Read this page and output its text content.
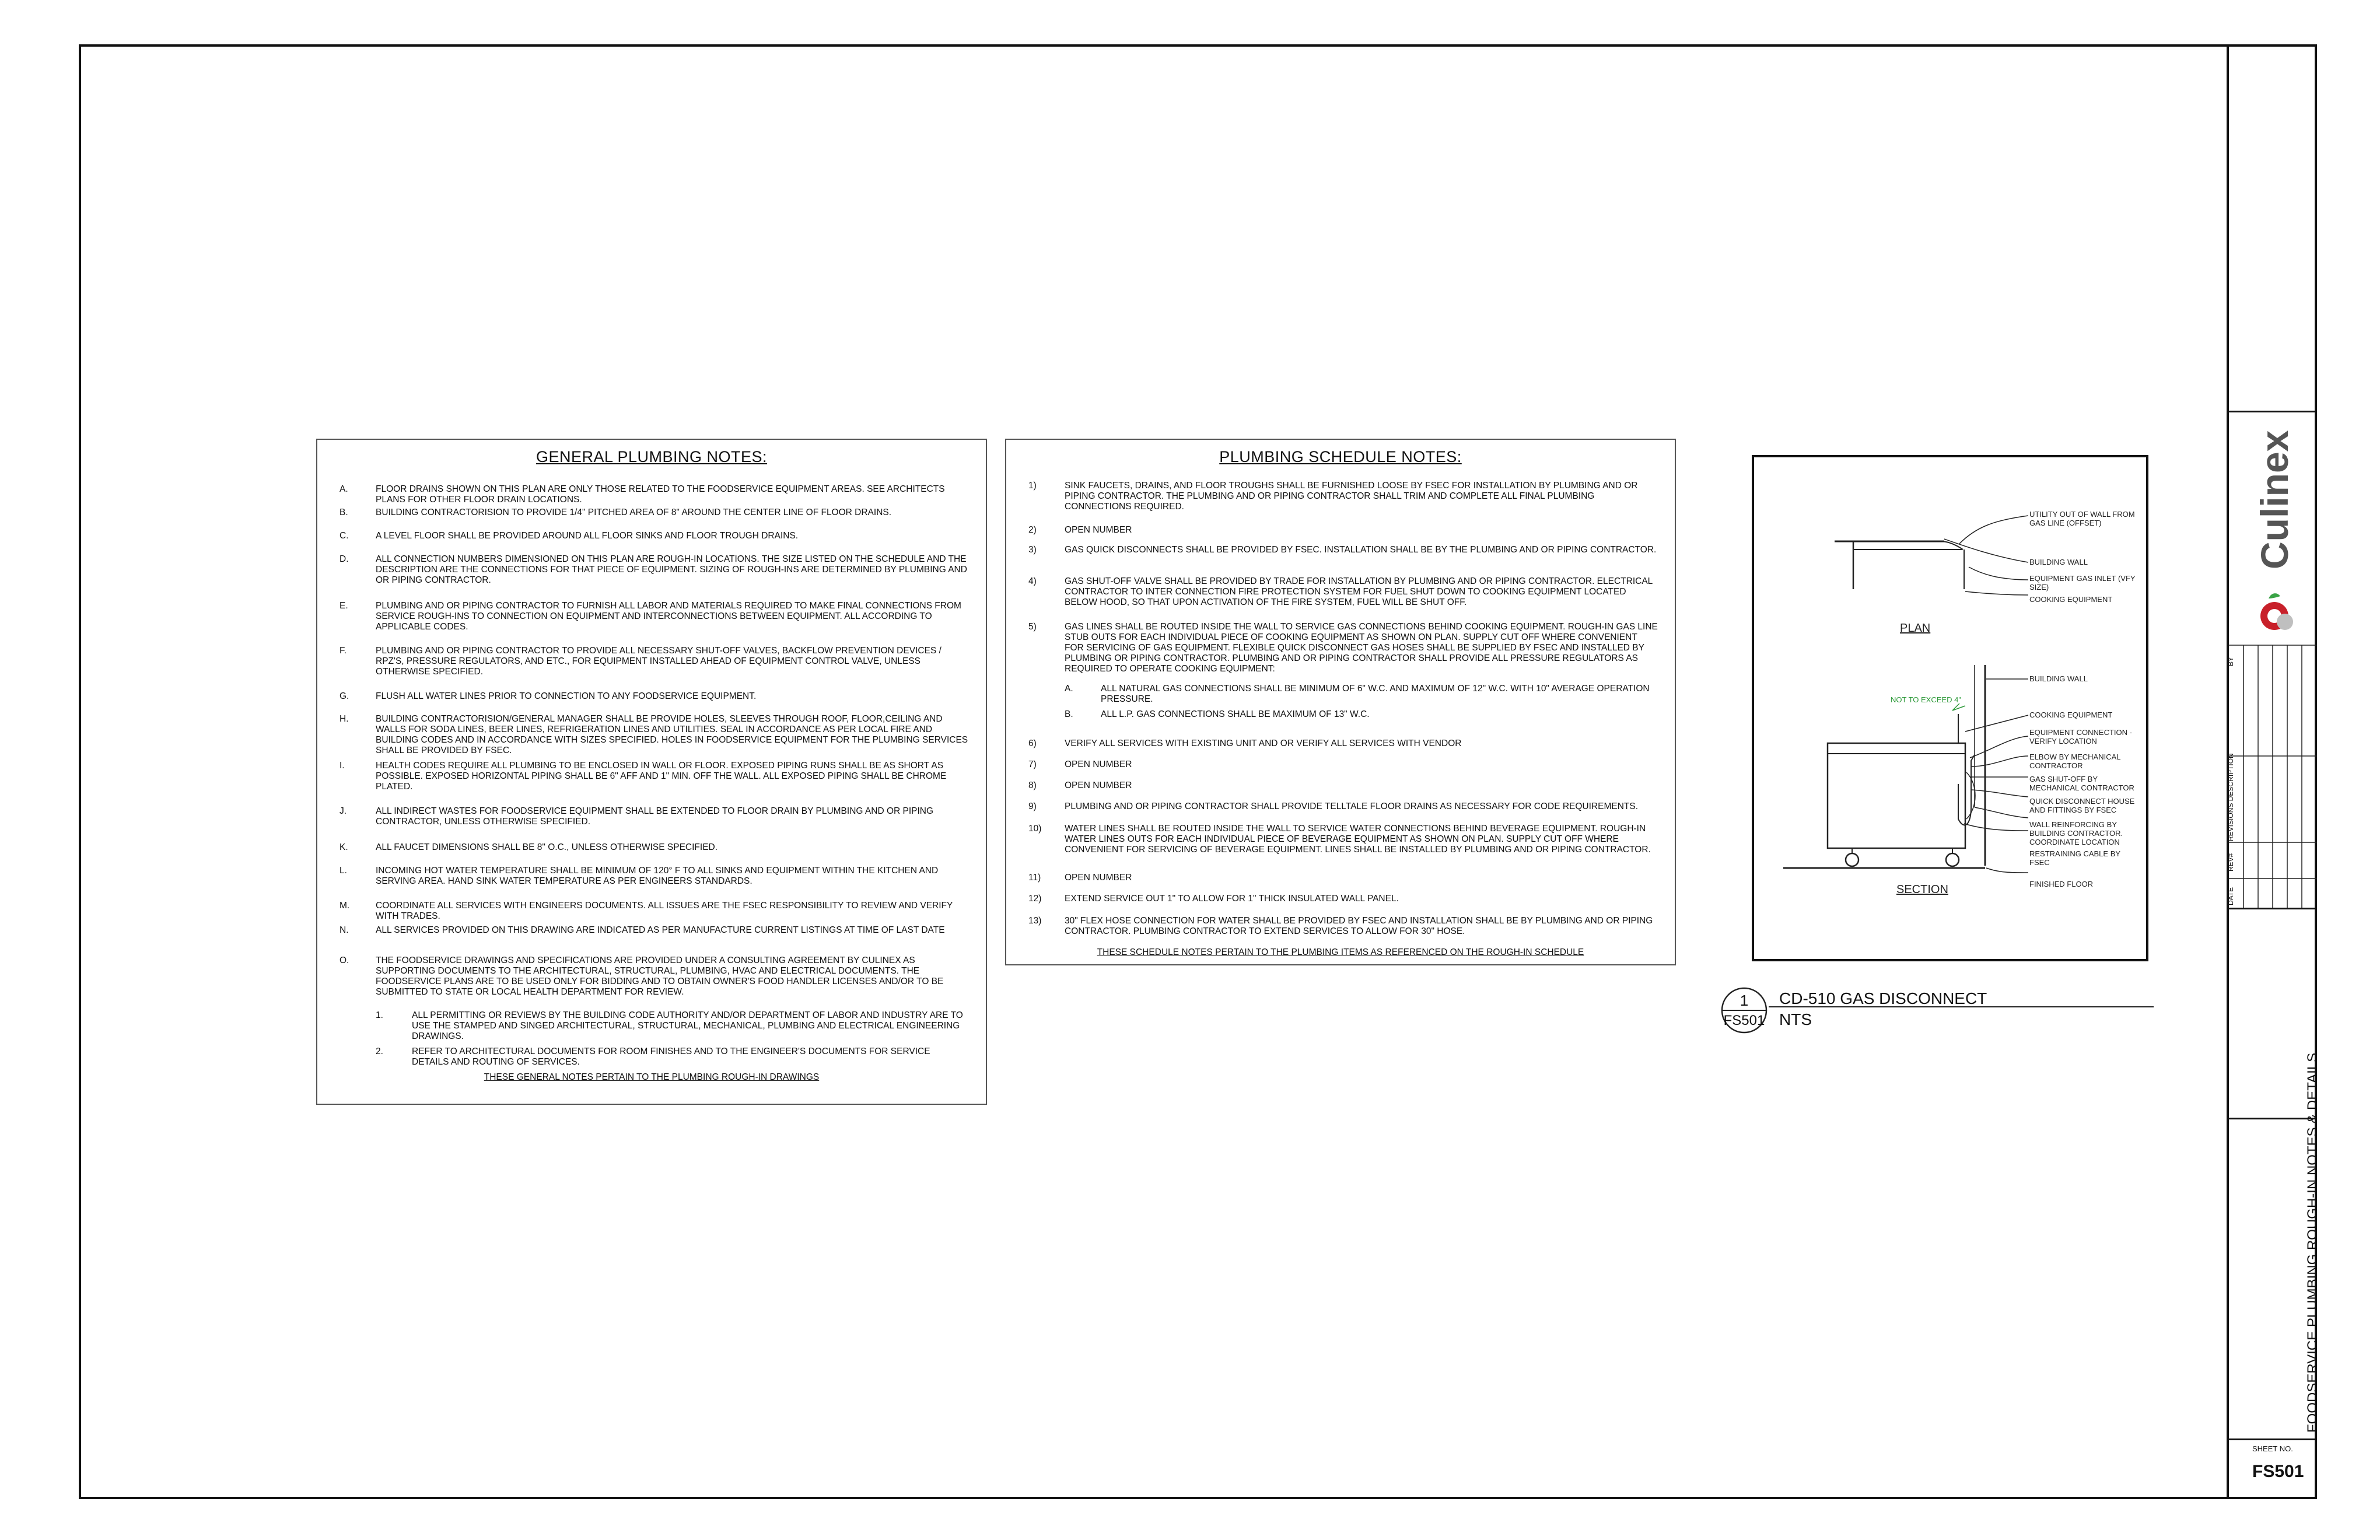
GENERAL PLUMBING NOTES:
A.	FLOOR DRAINS SHOWN ON THIS PLAN ARE ONLY THOSE RELATED TO THE FOODSERVICE EQUIPMENT AREAS. SEE ARCHITECTS PLANS FOR OTHER FLOOR DRAIN LOCATIONS.
B.	BUILDING CONTRACTORISION TO PROVIDE 1/4" PITCHED AREA OF 8" AROUND THE CENTER LINE OF FLOOR DRAINS.
C.	A LEVEL FLOOR SHALL BE PROVIDED AROUND ALL FLOOR SINKS AND FLOOR TROUGH DRAINS.
D.	ALL CONNECTION NUMBERS DIMENSIONED ON THIS PLAN ARE ROUGH-IN LOCATIONS. THE SIZE LISTED ON THE SCHEDULE AND THE DESCRIPTION ARE THE CONNECTIONS FOR THAT PIECE OF EQUIPMENT. SIZING OF ROUGH-INS ARE DETERMINED BY PLUMBING AND OR PIPING CONTRACTOR.
E.	PLUMBING AND OR PIPING CONTRACTOR TO FURNISH ALL LABOR AND MATERIALS REQUIRED TO MAKE FINAL CONNECTIONS FROM SERVICE ROUGH-INS TO CONNECTION ON EQUIPMENT AND INTERCONNECTIONS BETWEEN EQUIPMENT. ALL ACCORDING TO APPLICABLE CODES.
F.	PLUMBING AND OR PIPING CONTRACTOR TO PROVIDE ALL NECESSARY SHUT-OFF VALVES, BACKFLOW PREVENTION DEVICES / RPZ'S, PRESSURE REGULATORS, AND ETC., FOR EQUIPMENT INSTALLED AHEAD OF EQUIPMENT CONTROL VALVE, UNLESS OTHERWISE SPECIFIED.
G.	FLUSH ALL WATER LINES PRIOR TO CONNECTION TO ANY FOODSERVICE EQUIPMENT.
H.	BUILDING CONTRACTORISION/GENERAL MANAGER SHALL BE PROVIDE HOLES, SLEEVES THROUGH ROOF, FLOOR,CEILING AND WALLS FOR SODA LINES, BEER LINES, REFRIGERATION LINES AND UTILITIES. SEAL IN ACCORDANCE AS PER LOCAL FIRE AND BUILDING CODES AND IN ACCORDANCE WITH SIZES SPECIFIED. HOLES IN FOODSERVICE EQUIPMENT FOR THE PLUMBING SERVICES SHALL BE PROVIDED BY FSEC.
I.	HEALTH CODES REQUIRE ALL PLUMBING TO BE ENCLOSED IN WALL OR FLOOR. EXPOSED PIPING RUNS SHALL BE AS SHORT AS POSSIBLE. EXPOSED HORIZONTAL PIPING SHALL BE 6" AFF AND 1" MIN. OFF THE WALL. ALL EXPOSED PIPING SHALL BE CHROME PLATED.
J.	ALL INDIRECT WASTES FOR FOODSERVICE EQUIPMENT SHALL BE EXTENDED TO FLOOR DRAIN BY PLUMBING AND OR PIPING CONTRACTOR, UNLESS OTHERWISE SPECIFIED.
K.	ALL FAUCET DIMENSIONS SHALL BE 8" O.C., UNLESS OTHERWISE SPECIFIED.
L.	INCOMING HOT WATER TEMPERATURE SHALL BE MINIMUM OF 120° F TO ALL SINKS AND EQUIPMENT WITHIN THE KITCHEN AND SERVING AREA. HAND SINK WATER TEMPERATURE AS PER ENGINEERS STANDARDS.
M.	COORDINATE ALL SERVICES WITH ENGINEERS DOCUMENTS. ALL ISSUES ARE THE FSEC RESPONSIBILITY TO REVIEW AND VERIFY WITH TRADES.
N.	ALL SERVICES PROVIDED ON THIS DRAWING ARE INDICATED AS PER MANUFACTURE CURRENT LISTINGS AT TIME OF LAST DATE
O.	THE FOODSERVICE DRAWINGS AND SPECIFICATIONS ARE PROVIDED UNDER A CONSULTING AGREEMENT BY CULINEX AS SUPPORTING DOCUMENTS TO THE ARCHITECTURAL, STRUCTURAL, PLUMBING, HVAC AND ELECTRICAL DOCUMENTS. THE FOODSERVICE PLANS ARE TO BE USED ONLY FOR BIDDING AND TO OBTAIN OWNER'S FOOD HANDLER LICENSES AND/OR TO BE SUBMITTED TO STATE OR LOCAL HEALTH DEPARTMENT FOR REVIEW.
1.	ALL PERMITTING OR REVIEWS BY THE BUILDING CODE AUTHORITY AND/OR DEPARTMENT OF LABOR AND INDUSTRY ARE TO USE THE STAMPED AND SINGED ARCHITECTURAL, STRUCTURAL, MECHANICAL, PLUMBING AND ELECTRICAL ENGINEERING DRAWINGS.
2.	REFER TO ARCHITECTURAL DOCUMENTS FOR ROOM FINISHES AND TO THE ENGINEER'S DOCUMENTS FOR SERVICE DETAILS AND ROUTING OF SERVICES.
THESE GENERAL NOTES PERTAIN TO THE PLUMBING ROUGH-IN DRAWINGS
PLUMBING SCHEDULE NOTES:
1)	SINK FAUCETS, DRAINS, AND FLOOR TROUGHS SHALL BE FURNISHED LOOSE BY FSEC FOR INSTALLATION BY PLUMBING AND OR PIPING CONTRACTOR. THE PLUMBING AND OR PIPING CONTRACTOR SHALL TRIM AND COMPLETE ALL FINAL PLUMBING CONNECTIONS REQUIRED.
2)	OPEN NUMBER
3)	GAS QUICK DISCONNECTS SHALL BE PROVIDED BY FSEC. INSTALLATION SHALL BE BY THE PLUMBING AND OR PIPING CONTRACTOR.
4)	GAS SHUT-OFF VALVE SHALL BE PROVIDED BY TRADE FOR INSTALLATION BY PLUMBING AND OR PIPING CONTRACTOR. ELECTRICAL CONTRACTOR TO INTER CONNECTION FIRE PROTECTION SYSTEM FOR FUEL SHUT DOWN TO COOKING EQUIPMENT LOCATED BELOW HOOD, SO THAT UPON ACTIVATION OF THE FIRE SYSTEM, FUEL WILL BE SHUT OFF.
5)	GAS LINES SHALL BE ROUTED INSIDE THE WALL TO SERVICE GAS CONNECTIONS BEHIND COOKING EQUIPMENT. ROUGH-IN GAS LINE STUB OUTS FOR EACH INDIVIDUAL PIECE OF COOKING EQUIPMENT AS SHOWN ON PLAN. SUPPLY CUT OFF WHERE CONVENIENT FOR SERVICING OF GAS EQUIPMENT. FLEXIBLE QUICK DISCONNECT GAS HOSES SHALL BE SUPPLIED BY FSEC AND INSTALLED BY PLUMBING OR PIPING CONTRACTOR. PLUMBING AND OR PIPING CONTRACTOR SHALL PROVIDE ALL PRESSURE REGULATORS AS REQUIRED TO OPERATE COOKING EQUIPMENT:
A.	ALL NATURAL GAS CONNECTIONS SHALL BE MINIMUM OF 6" W.C. AND MAXIMUM OF 12" W.C. WITH 10" AVERAGE OPERATION PRESSURE.
B.	ALL L.P. GAS CONNECTIONS SHALL BE MAXIMUM OF 13" W.C.
6)	VERIFY ALL SERVICES WITH EXISTING UNIT AND OR VERIFY ALL SERVICES WITH VENDOR
7)	OPEN NUMBER
8)	OPEN NUMBER
9)	PLUMBING AND OR PIPING CONTRACTOR SHALL PROVIDE TELLTALE FLOOR DRAINS AS NECESSARY FOR CODE REQUIREMENTS.
10)	WATER LINES SHALL BE ROUTED INSIDE THE WALL TO SERVICE WATER CONNECTIONS BEHIND BEVERAGE EQUIPMENT. ROUGH-IN WATER LINES OUTS FOR EACH INDIVIDUAL PIECE OF BEVERAGE EQUIPMENT AS SHOWN ON PLAN. SUPPLY CUT OFF WHERE CONVENIENT FOR SERVICING OF BEVERAGE EQUIPMENT. LINES SHALL BE INSTALLED BY PLUMBING AND OR PIPING CONTRACTOR.
11)	OPEN NUMBER
12)	EXTEND SERVICE OUT 1" TO ALLOW FOR 1" THICK INSULATED WALL PANEL.
13)	30" FLEX HOSE CONNECTION FOR WATER SHALL BE PROVIDED BY FSEC AND INSTALLATION SHALL BE BY PLUMBING AND OR PIPING CONTRACTOR. PLUMBING CONTRACTOR TO EXTEND SERVICES TO ALLOW FOR 30" HOSE.
THESE SCHEDULE NOTES PERTAIN TO THE PLUMBING ITEMS AS REFERENCED ON THE ROUGH-IN SCHEDULE
UTILITY OUT OF WALL FROM GAS LINE (OFFSET)
BUILDING WALL
EQUIPMENT GAS INLET (VFY SIZE)
COOKING EQUIPMENT
PLAN
BUILDING WALL
NOT TO EXCEED 4"
COOKING EQUIPMENT
EQUIPMENT CONNECTION - VERIFY LOCATION
ELBOW BY MECHANICAL CONTRACTOR
GAS SHUT-OFF BY MECHANICAL CONTRACTOR
QUICK DISCONNECT HOUSE AND FITTINGS BY FSEC
WALL REINFORCING BY BUILDING CONTRACTOR. COORDINATE LOCATION
RESTRAINING CABLE BY FSEC
FINISHED FLOOR
SECTION
1
FS501
CD-510 GAS DISCONNECT
NTS
Culinex
BY
REVISIONS DESCRIPTION
REV#
DATE
FOODSERVICE PLUMBING ROUGH-IN NOTES & DETAILS
SHEET NO.
FS501
